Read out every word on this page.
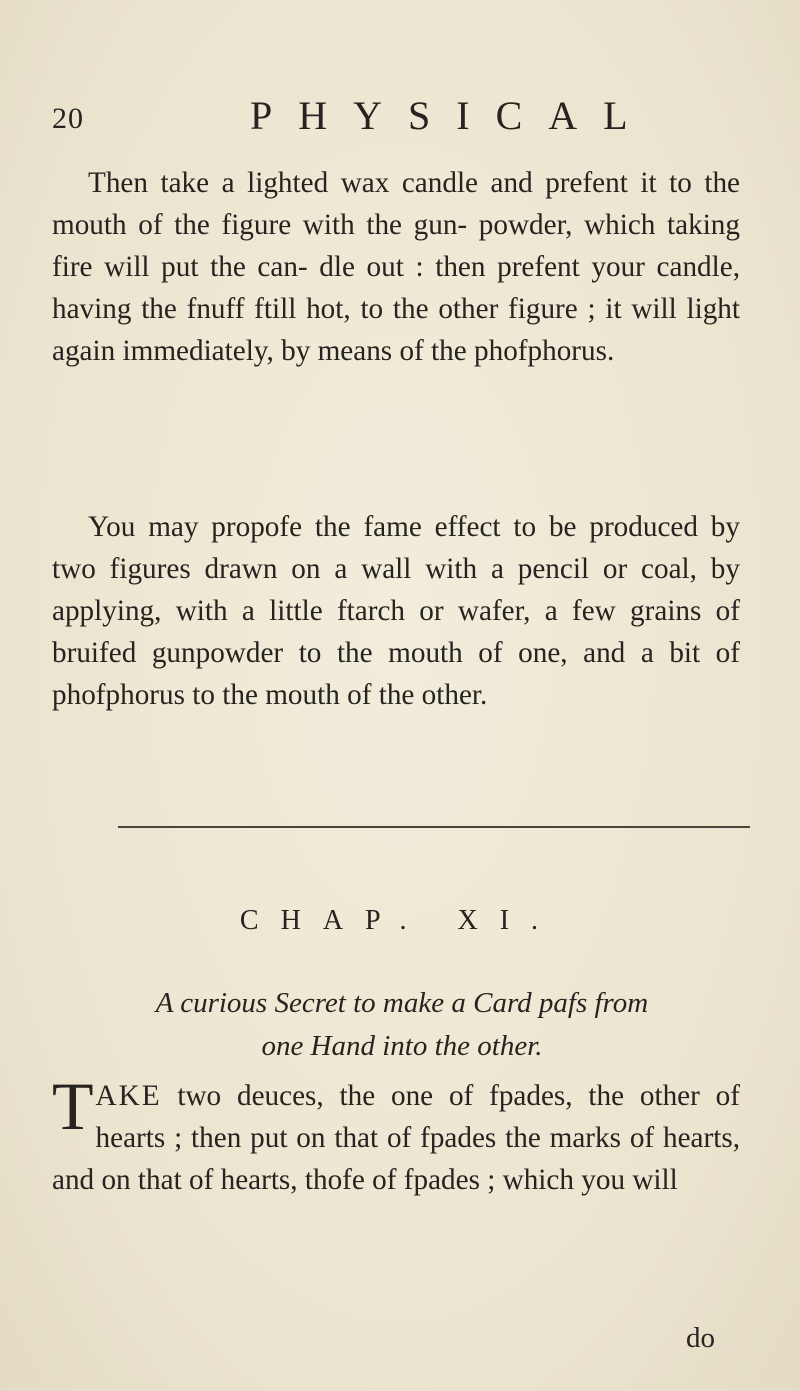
20	PHYSICAL

Then take a lighted wax candle and prefent it to the mouth of the figure with the gun- powder, which taking fire will put the can- dle out : then prefent your candle, having the fnuff ftill hot, to the other figure ; it will light again immediately, by means of the phofphorus.

You may propofe the fame effect to be produced by two figures drawn on a wall with a pencil or coal, by applying, with a little ftarch or wafer, a few grains of bruifed gunpowder to the mouth of one, and a bit of phofphorus to the mouth of the other.

CHAP. XI.

A curious Secret to make a Card pafs from
one Hand into the other.

TAKE two deuces, the one of fpades, the other of hearts ; then put on that of fpades the marks of hearts, and on that of hearts, thofe of fpades ; which you will

do
